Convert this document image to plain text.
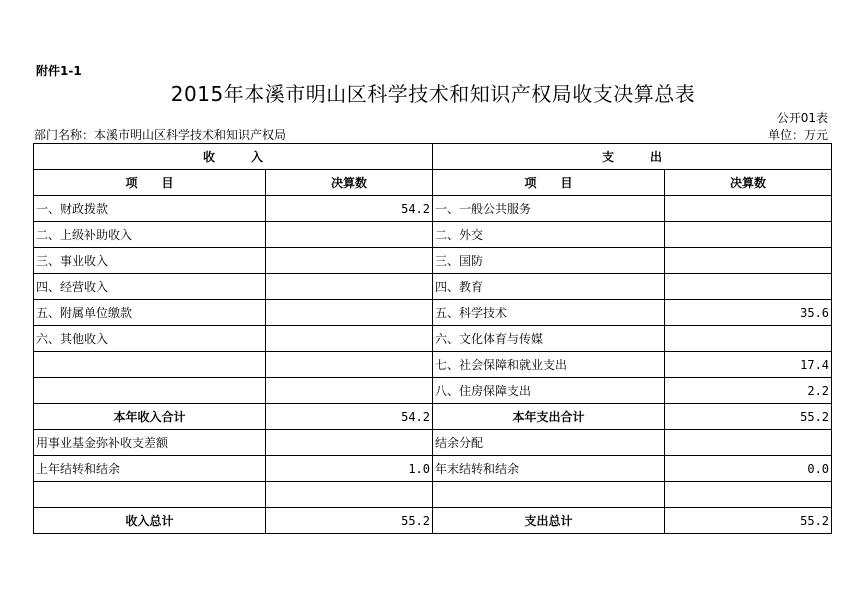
附件1-1
2015年本溪市明山区科学技术和知识产权局收支决算总表
公开01表
部门名称：本溪市明山区科学技术和知识产权局	单位：万元
收　　　入		支　　　出	
项　　目	决算数	项　　目	决算数
一、财政拨款	54.2	一、一般公共服务	
二、上级补助收入		二、外交	
三、事业收入		三、国防	
四、经营收入		四、教育	
五、附属单位缴款		五、科学技术	35.6
六、其他收入		六、文化体育与传媒	
		七、社会保障和就业支出	17.4
		八、住房保障支出	2.2
本年收入合计	54.2	本年支出合计	55.2
用事业基金弥补收支差额		结余分配	
上年结转和结余	1.0	年末结转和结余	0.0

收入总计	55.2	支出总计	55.2
